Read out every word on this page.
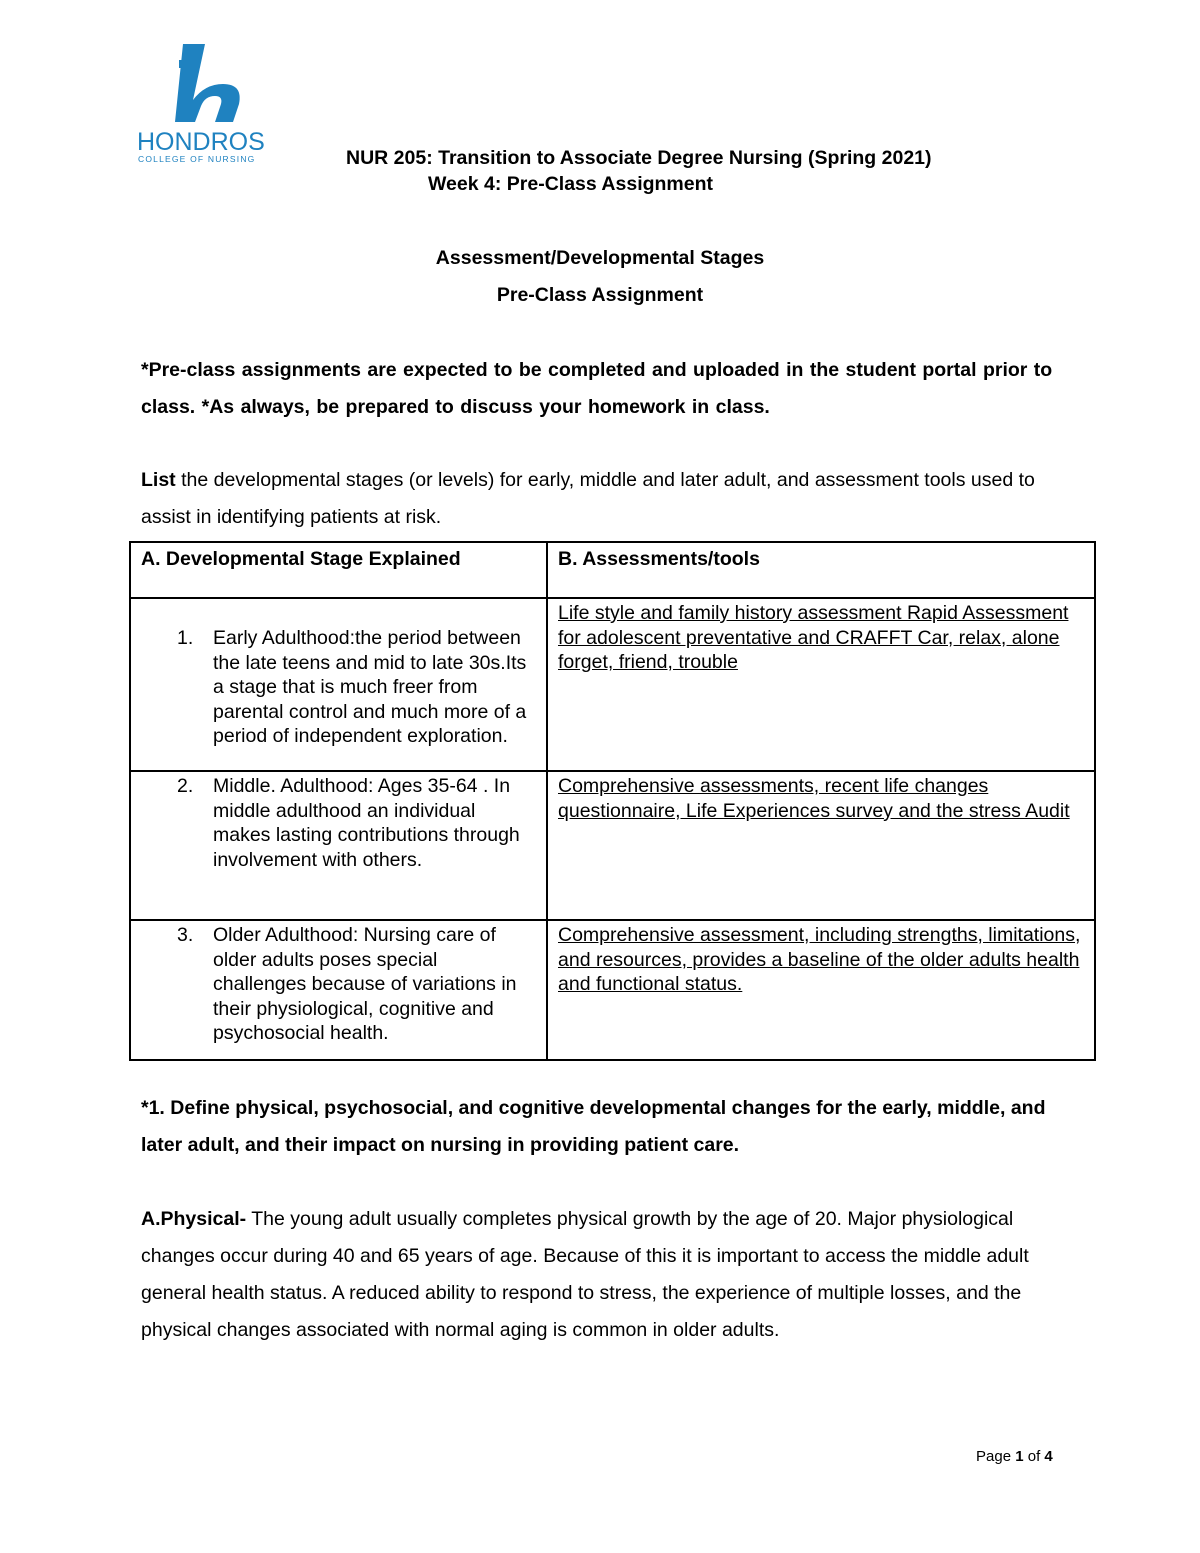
HONDROS
COLLEGE OF NURSING	NUR 205: Transition to Associate Degree Nursing (Spring 2021)
Week 4: Pre-Class Assignment
Assessment/Developmental Stages
Pre-Class Assignment
*Pre-class assignments are expected to be completed and uploaded in the student portal prior to class. *As always, be prepared to discuss your homework in class.
List the developmental stages (or levels) for early, middle and later adult, and assessment tools used to assist in identifying patients at risk.
A. Developmental Stage Explained	B. Assessments/tools

1. Early Adulthood:the period between the late teens and mid to late 30s.Its a stage that is much freer from parental control and much more of a period of independent exploration.	Life style and family history assessment Rapid Assessment for adolescent preventative and CRAFFT Car, relax, alone forget, friend, trouble

2. Middle. Adulthood: Ages 35-64 . In middle adulthood an individual makes lasting contributions through involvement with others.	Comprehensive assessments, recent life changes questionnaire, Life Experiences survey and the stress Audit

3. Older Adulthood: Nursing care of older adults poses special challenges because of variations in their physiological, cognitive and psychosocial health.	Comprehensive assessment, including strengths, limitations, and resources, provides a baseline of the older adults health and functional status.
*1. Define physical, psychosocial, and cognitive developmental changes for the early, middle, and later adult, and their impact on nursing in providing patient care.
A.Physical- The young adult usually completes physical growth by the age of 20. Major physiological changes occur during 40 and 65 years of age. Because of this it is important to access the middle adult general health status. A reduced ability to respond to stress, the experience of multiple losses, and the physical changes associated with normal aging is common in older adults.
Page 1 of 4
